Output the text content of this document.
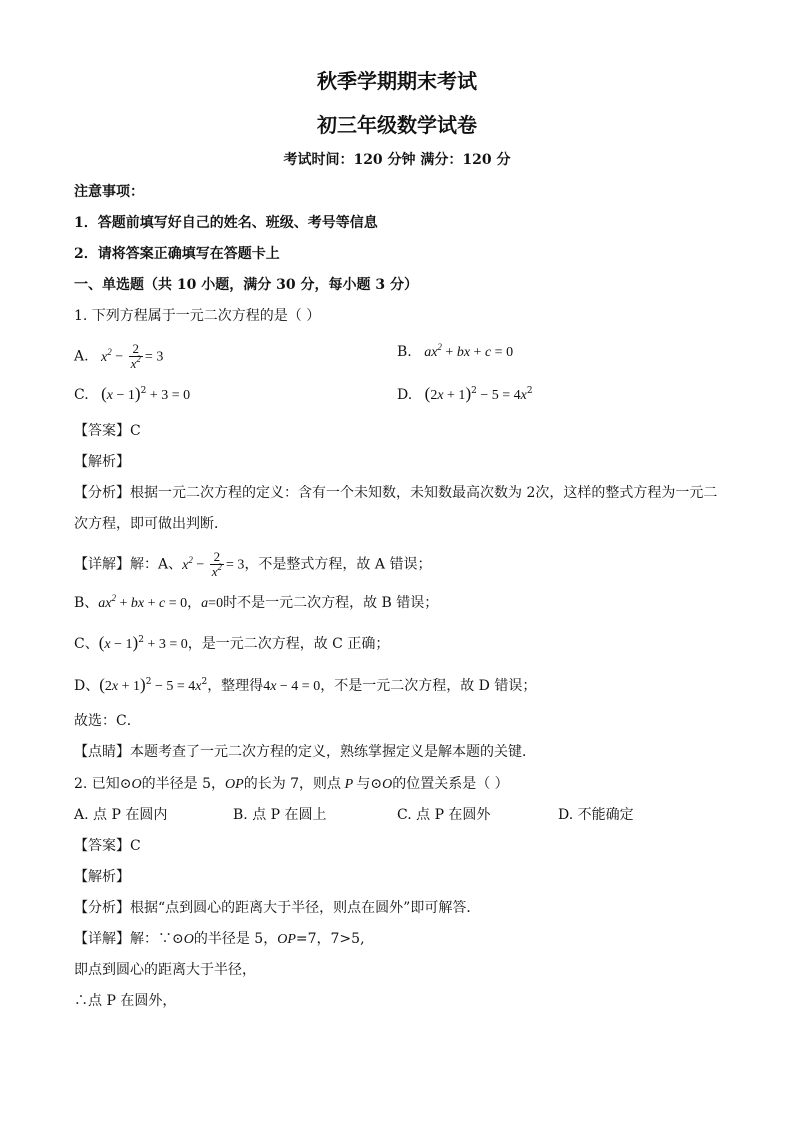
秋季学期期末考试
初三年级数学试卷
考试时间：120 分钟 满分：120 分
注意事项：
1．答题前填写好自己的姓名、班级、考号等信息
2．请将答案正确填写在答题卡上
一、单选题（共 10 小题，满分 30 分，每小题 3 分）
1. 下列方程属于一元二次方程的是（ ）
A. $x^2 - \frac{2}{x^2} = 3$	B. $ax^2$ + bx + c = 0
C. $(x - 1)^2 + 3 = 0$	D. $(2x + 1)^2 - 5 = 4x^2$
【答案】C
【解析】
【分析】根据一元二次方程的定义：含有一个未知数，未知数最高次数为 2次，这样的整式方程为一元二
次方程，即可做出判断．
【详解】解：A、$x^2 - \frac{2}{x^2} = 3$，不是整式方程，故 A 错误；
B、$ax^2$ + bx + c = 0，a=0时不是一元二次方程，故 B 错误；
C、$(x - 1)^2 + 3 = 0$，是一元二次方程，故 C 正确；
D、$(2x + 1)^2 - 5 = 4x^2$，整理得4x − 4 = 0，不是一元二次方程，故 D 错误；
故选：C．
【点睛】本题考查了一元二次方程的定义，熟练掌握定义是解本题的关键．
2. 已知⊙O的半径是 5，OP的长为 7，则点 P 与⊙O的位置关系是（ ）
A. 点 P 在圆内	B. 点 P 在圆上	C. 点 P 在圆外	D. 不能确定
【答案】C
【解析】
【分析】根据“点到圆心的距离大于半径，则点在圆外”即可解答．
【详解】解：∵⊙O的半径是 5，OP=7，7>5,
即点到圆心的距离大于半径，
∴点 P 在圆外，
